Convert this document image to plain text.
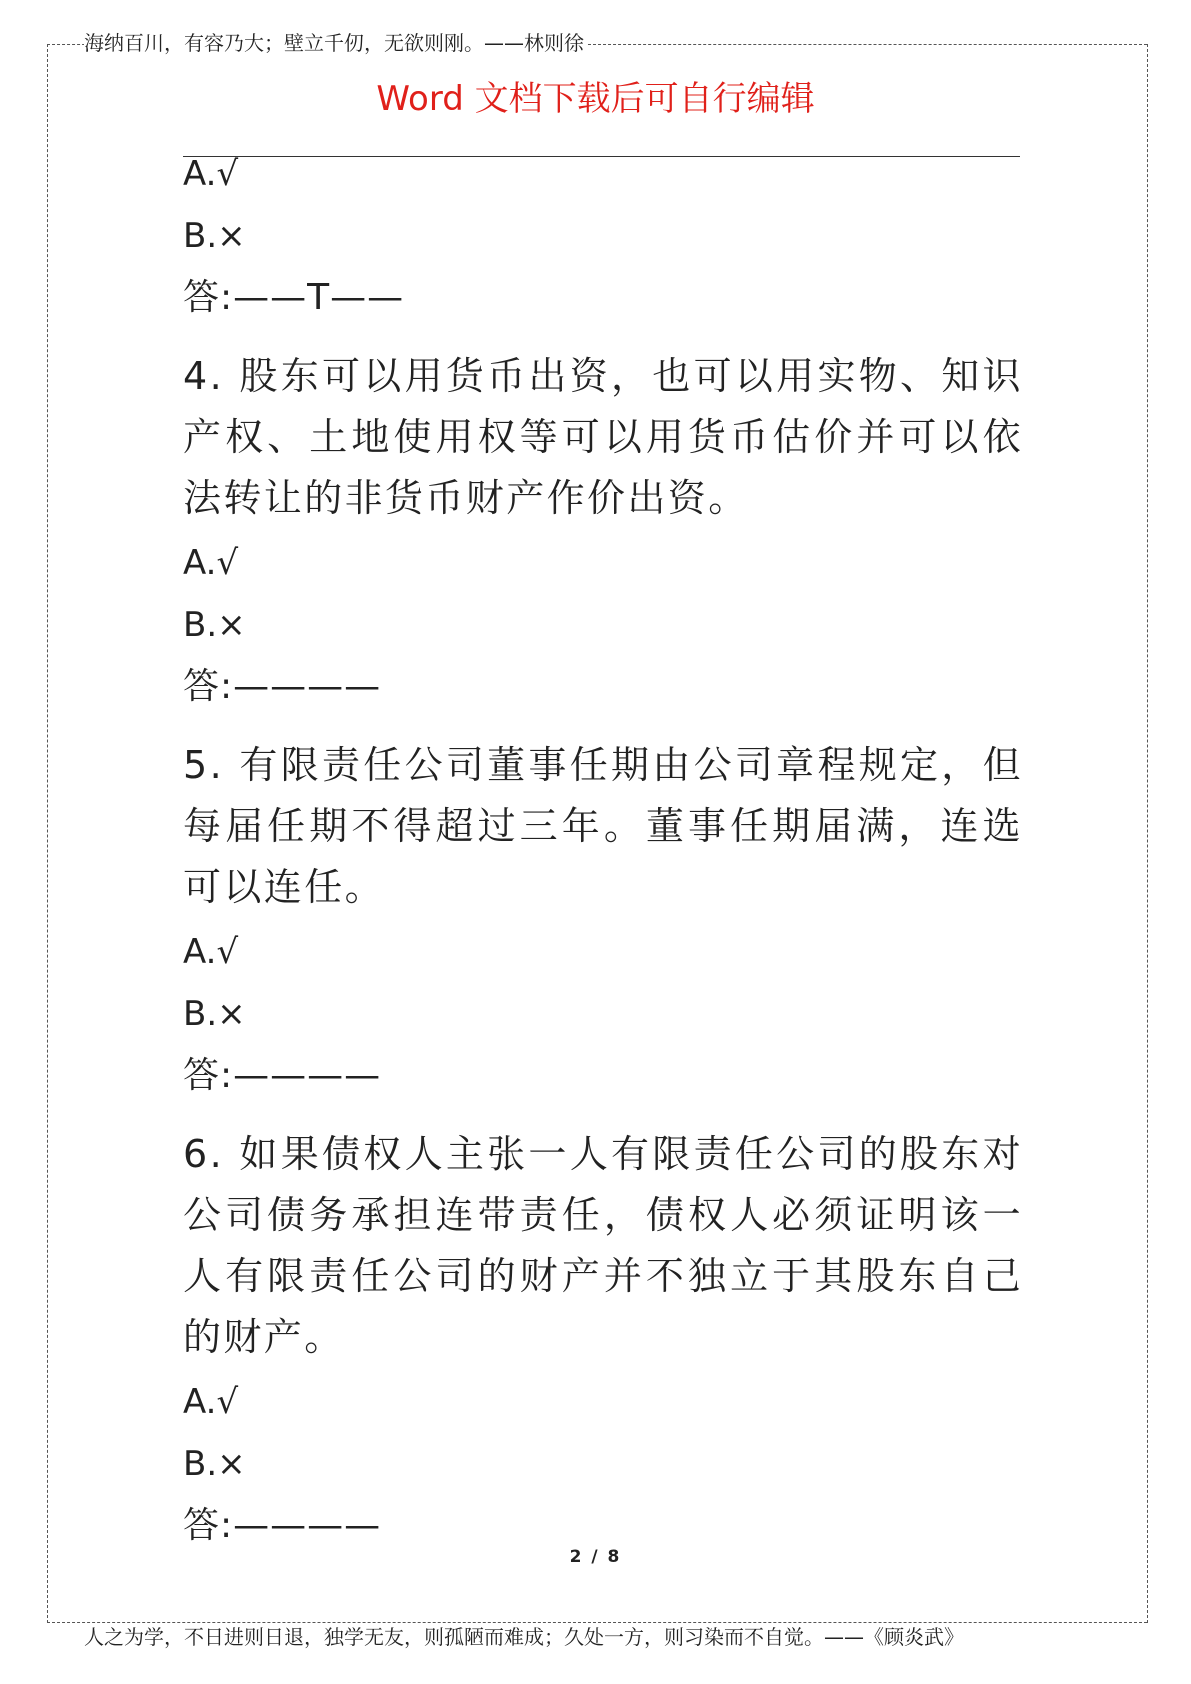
海纳百川，有容乃大；壁立千仞，无欲则刚。——林则徐
Word 文档下载后可自行编辑
A.√
B.×
答:——T——
4. 股东可以用货币出资，也可以用实物、知识产权、土地使用权等可以用货币估价并可以依法转让的非货币财产作价出资。
A.√
B.×
答:————
5. 有限责任公司董事任期由公司章程规定，但每届任期不得超过三年。董事任期届满，连选可以连任。
A.√
B.×
答:————
6. 如果债权人主张一人有限责任公司的股东对公司债务承担连带责任，债权人必须证明该一人有限责任公司的财产并不独立于其股东自己的财产。
A.√
B.×
答:————
2 / 8
人之为学，不日进则日退，独学无友，则孤陋而难成；久处一方，则习染而不自觉。——《顾炎武》
